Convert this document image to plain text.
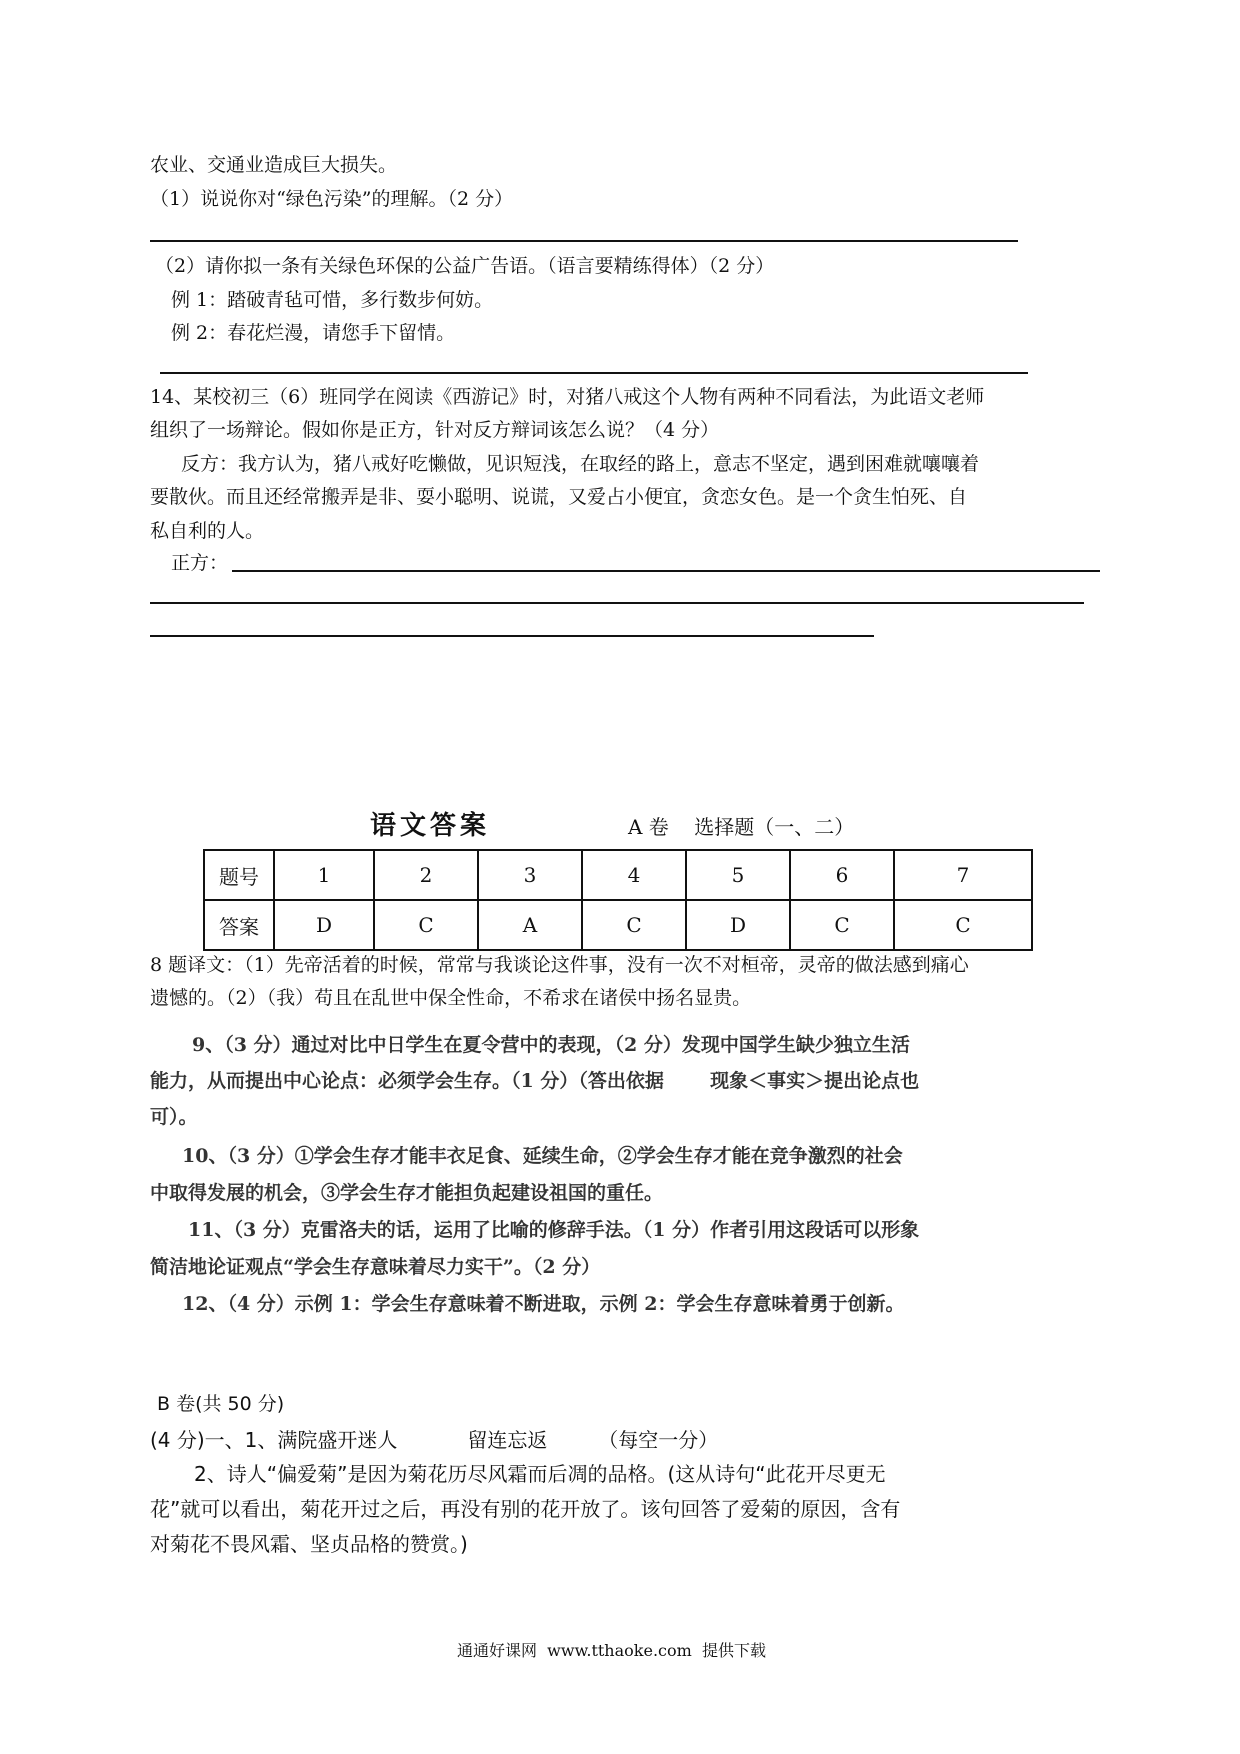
农业、交通业造成巨大损失。
（1）说说你对“绿色污染”的理解。（2 分）
（2）请你拟一条有关绿色环保的公益广告语。（语言要精练得体）（2 分）
例 1：踏破青毡可惜，多行数步何妨。
例 2：春花烂漫，请您手下留情。
14、某校初三（6）班同学在阅读《西游记》时，对猪八戒这个人物有两种不同看法，为此语文老师
组织了一场辩论。假如你是正方，针对反方辩词该怎么说？（4 分）
反方：我方认为，猪八戒好吃懒做，见识短浅，在取经的路上，意志不坚定，遇到困难就嚷嚷着
要散伙。而且还经常搬弄是非、耍小聪明、说谎，又爱占小便宜，贪恋女色。是一个贪生怕死、自
私自利的人。
正方：
语文答案	A 卷    选择题（一、二）
题号	1	2	3	4	5	6	7
答案	D	C	A	C	D	C	C
8 题译文：（1）先帝活着的时候，常常与我谈论这件事，没有一次不对桓帝，灵帝的做法感到痛心
遗憾的。（2）（我）苟且在乱世中保全性命，不希求在诸侯中扬名显贵。
9、（3 分）通过对比中日学生在夏令营中的表现，（2 分）发现中国学生缺少独立生活
能力，从而提出中心论点：必须学会生存。（1 分）（答出依据       现象＜事实＞提出论点也
可）。
10、（3 分）①学会生存才能丰衣足食、延续生命，②学会生存才能在竞争激烈的社会
中取得发展的机会，③学会生存才能担负起建设祖国的重任。
11、（3 分）克雷洛夫的话，运用了比喻的修辞手法。（1 分）作者引用这段话可以形象
简洁地论证观点“学会生存意味着尽力实干”。（2 分）
12、（4 分）示例 1：学会生存意味着不断进取，示例 2：学会生存意味着勇于创新。
B 卷(共 50 分)
(4 分)一、1、满院盛开迷人           留连忘返        （每空一分）
2、诗人“偏爱菊”是因为菊花历尽风霜而后凋的品格。(这从诗句“此花开尽更无
花”就可以看出，菊花开过之后，再没有别的花开放了。该句回答了爱菊的原因，含有
对菊花不畏风霜、坚贞品格的赞赏。)
通通好课网  www.tthaoke.com  提供下载
